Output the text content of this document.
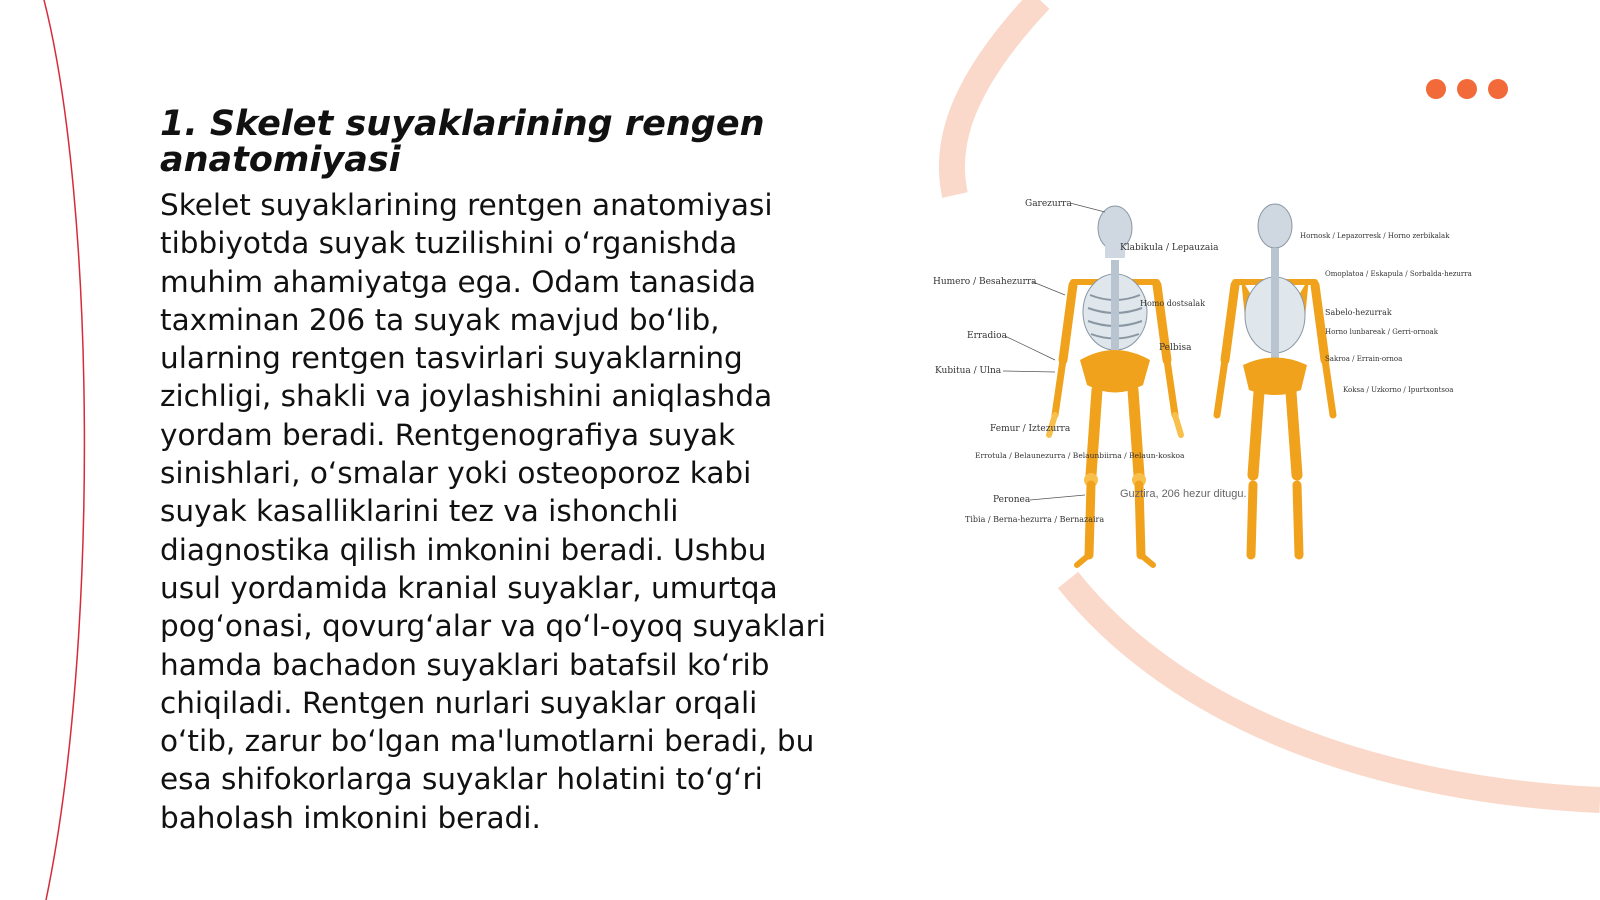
1. Skelet suyaklarining rengen anatomiyasi

Skelet suyaklarining rentgen anatomiyasi tibbiyotda suyak tuzilishini o‘rganishda muhim ahamiyatga ega. Odam tanasida taxminan 206 ta suyak mavjud bo‘lib, ularning rentgen tasvirlari suyaklarning zichligi, shakli va joylashishini aniqlashda yordam beradi. Rentgenografiya suyak sinishlari, o‘smalar yoki osteoporoz kabi suyak kasalliklarini tez va ishonchli diagnostika qilish imkonini beradi. Ushbu usul yordamida kranial suyaklar, umurtqa pog‘onasi, qovurg‘alar va qo‘l-oyoq suyaklari hamda bachadon suyaklari batafsil ko‘rib chiqiladi. Rentgen nurlari suyaklar orqali o‘tib, zarur bo‘lgan ma'lumotlarni beradi, bu esa shifokorlarga suyaklar holatini to‘g‘ri baholash imkonini beradi.

Garezurra
Klabikula / Lepauzaia
Humero / Besahezurra
Erradioa
Kubitua / Ulna
Femur / Iztezurra
Errotula / Belaunezurra / Belaunbiirna / Belaun-koskoa
Peronea
Tibia / Berna-hezurra / Bernazaira
Pelbisa
Hornosk / Lepazorresk / Horno zerbikalak
Homo dostsalak
Omoplatoa / Eskapula / Sorbaldа-hezurra
Sabelo-hezurrak
Horno lunbareak / Gerri-ornoak
Sakroa / Errain-ornoa
Koksa / Uzkorno / Ipurtxontsoa
Guztira, 206 hezur ditugu.
